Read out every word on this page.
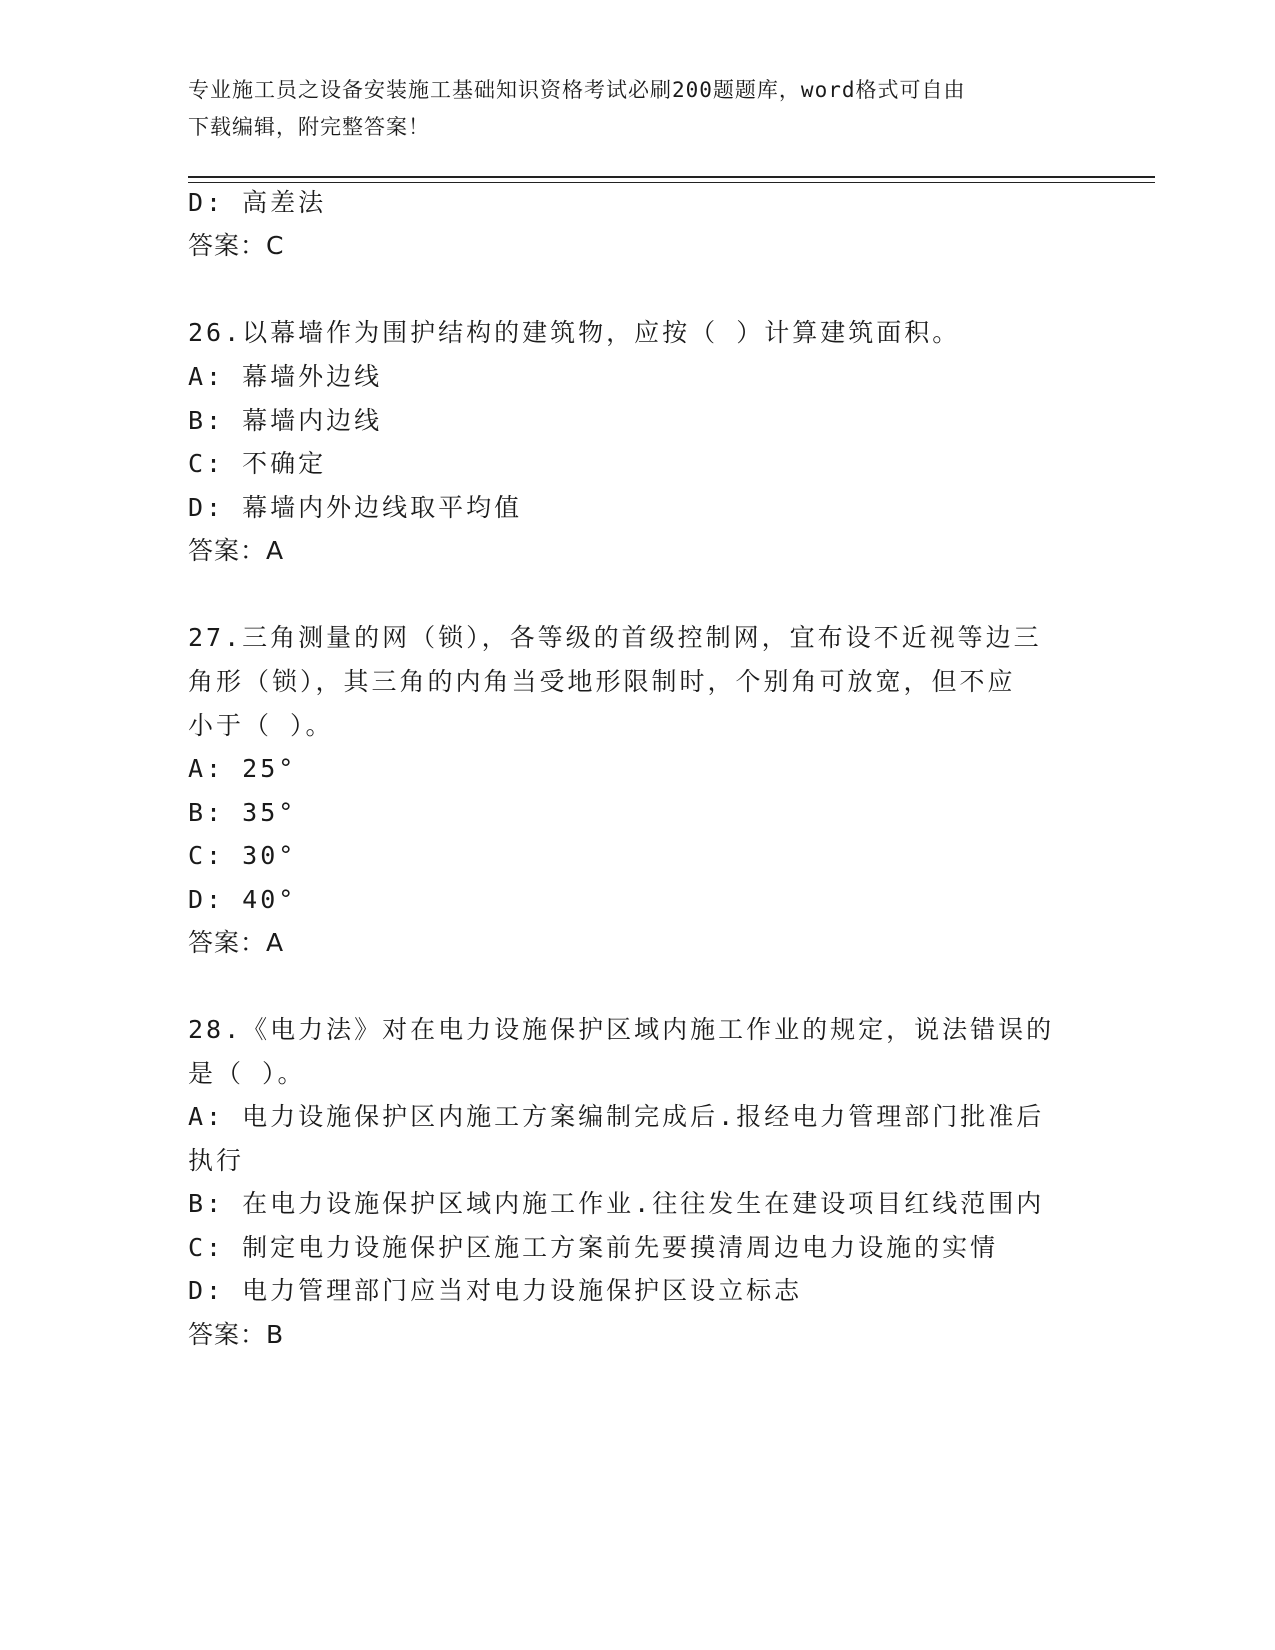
专业施工员之设备安装施工基础知识资格考试必刷200题题库，word格式可自由
下载编辑，附完整答案！
D: 高差法
答案：C
26.以幕墙作为围护结构的建筑物，应按（ ）计算建筑面积。
A: 幕墙外边线
B: 幕墙内边线
C: 不确定
D: 幕墙内外边线取平均值
答案：A
27.三角测量的网（锁），各等级的首级控制网，宜布设不近视等边三
角形（锁），其三角的内角当受地形限制时，个别角可放宽，但不应
小于（ ）。
A: 25°
B: 35°
C: 30°
D: 40°
答案：A
28.《电力法》对在电力设施保护区域内施工作业的规定，说法错误的
是（ ）。
A: 电力设施保护区内施工方案编制完成后.报经电力管理部门批准后
执行
B: 在电力设施保护区域内施工作业.往往发生在建设项目红线范围内
C: 制定电力设施保护区施工方案前先要摸清周边电力设施的实情
D: 电力管理部门应当对电力设施保护区设立标志
答案：B
